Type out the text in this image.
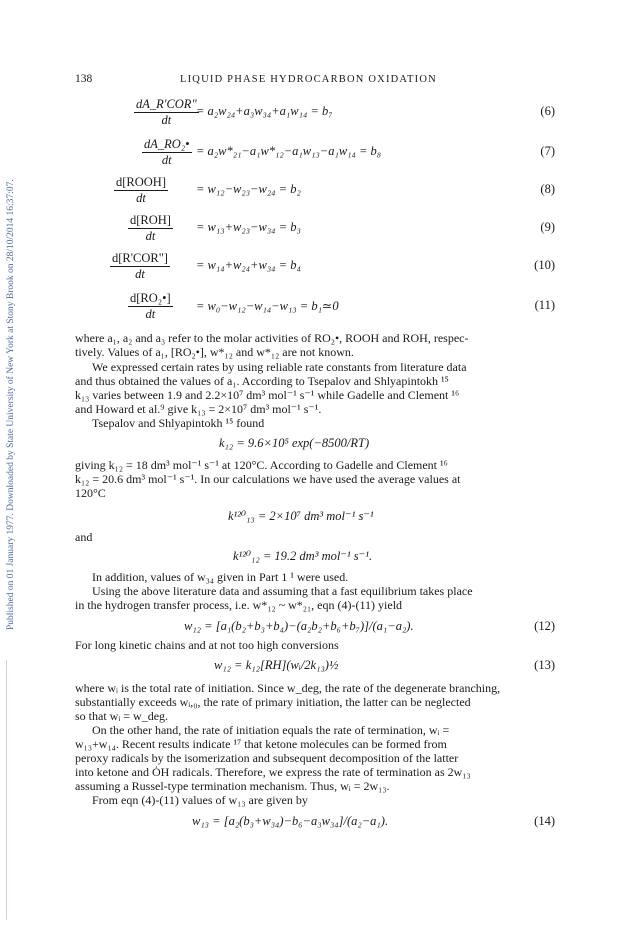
Published on 01 January 1977. Downloaded by State University of New York at Stony Brook on 28/10/2014 16:37:07.
138	LIQUID PHASE HYDROCARBON OXIDATION
dA_R'COR"
dt
= a₂w₂₄+a₃w₃₄+a₁w₁₄ = b₇	(6)
$\frac{\text{dA\_RO₂•}}{dt} = a_2w*_{21}-a_1w*_{12}-a_1w_{13}-a_1w_{14} = b_8$	(7)
d[ROOH]
dt
= w₁₂−w₂₃−w₂₄ = b₂	(8)
d[ROH]
dt
= w₁₃+w₂₃−w₃₄ = b₃	(9)
d[R'COR"]
dt
= w₁₄+w₂₄+w₃₄ = b₄	(10)
$\frac{\text{d[RO₂•]}}{dt} = w_0-w_{12}-w_{14}-w_{13}$ = b₁≃0	(11)
where a₁, a₂ and a₃ refer to the molar activities of RO₂•, ROOH and ROH, respec-
tively. Values of a₁, [RO₂•], w*₁₂ and w*₁₂ are not known.
We expressed certain rates by using reliable rate constants from literature data
and thus obtained the values of a₁. According to Tsepalov and Shlyapintokh ¹⁵
k₁₃ varies between 1.9 and 2.2×10⁷ dm³ mol⁻¹ s⁻¹ while Gadelle and Clement ¹⁶
and Howard et al.⁹ give k₁₃ = 2×10⁷ dm³ mol⁻¹ s⁻¹.
Tsepalov and Shlyapintokh ¹⁵ found
k₁₂ = 9.6×10⁵ exp(−8500/RT)
giving k₁₂ = 18 dm³ mol⁻¹ s⁻¹ at 120°C. According to Gadelle and Clement ¹⁶
k₁₂ = 20.6 dm³ mol⁻¹ s⁻¹. In our calculations we have used the average values at
120°C
k¹²⁰₁₃ = 2×10⁷ dm³ mol⁻¹ s⁻¹
and
k¹²⁰₁₂ = 19.2 dm³ mol⁻¹ s⁻¹.
In addition, values of w₃₄ given in Part 1 ¹ were used.
Using the above literature data and assuming that a fast equilibrium takes place
in the hydrogen transfer process, i.e. w*₁₂ ~ w*₂₁, eqn (4)-(11) yield
w₁₂ = [a₁(b₂+b₃+b₄)−(a₂b₂+b₆+b₇)]/(a₁−a₂).	(12)
For long kinetic chains and at not too high conversions
w₁₂ = k₁₂[RH](wᵢ/2k₁₃)½	(13)
where wᵢ is the total rate of initiation. Since w_deg, the rate of the degenerate branching,
substantially exceeds wᵢ,₀, the rate of primary initiation, the latter can be neglected
so that wᵢ = w_deg.
On the other hand, the rate of initiation equals the rate of termination, wᵢ =
w₁₃+w₁₄. Recent results indicate ¹⁷ that ketone molecules can be formed from
peroxy radicals by the isomerization and subsequent decomposition of the latter
into ketone and ȮH radicals. Therefore, we express the rate of termination as 2w₁₃
assuming a Russel-type termination mechanism. Thus, wᵢ = 2w₁₃.
From eqn (4)-(11) values of w₁₃ are given by
w₁₃ = [a₂(b₃+w₃₄)−b₆−a₃w₃₄]/(a₂−a₁).	(14)
